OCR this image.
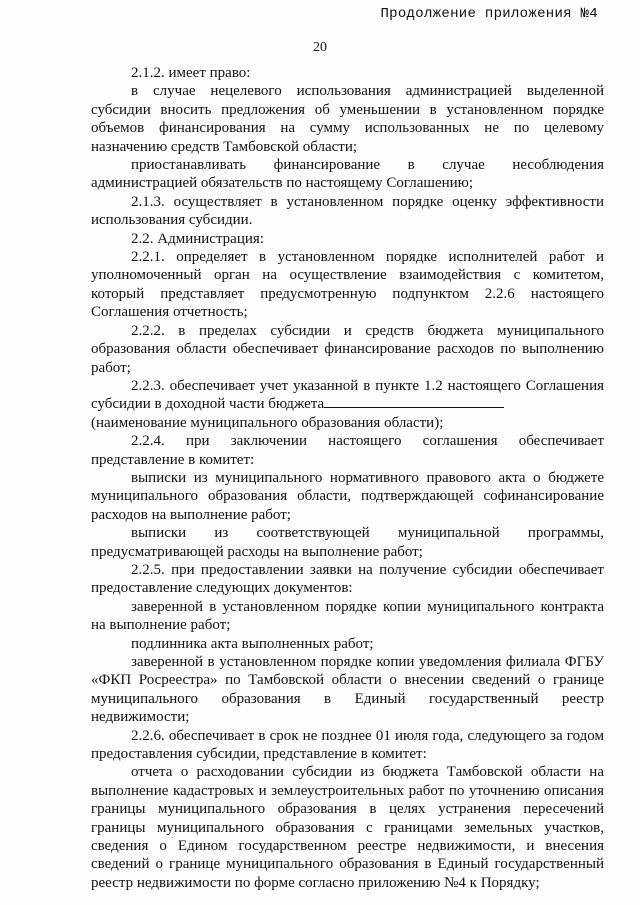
Продолжение приложения №4
20

2.1.2. имеет право:

в случае нецелевого использования администрацией выделенной субсидии вносить предложения об уменьшении в установленном порядке объемов финансирования на сумму использованных не по целевому назначению средств Тамбовской области;

приостанавливать финансирование в случае несоблюдения администрацией обязательств по настоящему Соглашению;

2.1.3. осуществляет в установленном порядке оценку эффективности использования субсидии.

2.2. Администрация:

2.2.1. определяет в установленном порядке исполнителей работ и уполномоченный орган на осуществление взаимодействия с комитетом, который представляет предусмотренную подпунктом 2.2.6 настоящего Соглашения отчетность;

2.2.2. в пределах субсидии и средств бюджета муниципального образования области обеспечивает финансирование расходов по выполнению работ;

2.2.3. обеспечивает учет указанной в пункте 1.2 настоящего Соглашения субсидии в доходной части бюджета

(наименование муниципального образования области);

2.2.4. при заключении настоящего соглашения обеспечивает представление в комитет:

выписки из муниципального нормативного правового акта о бюджете муниципального образования области, подтверждающей софинансирование расходов на выполнение работ;

выписки из соответствующей муниципальной программы, предусматривающей расходы на выполнение работ;

2.2.5. при предоставлении заявки на получение субсидии обеспечивает предоставление следующих документов:

заверенной в установленном порядке копии муниципального контракта на выполнение работ;

подлинника акта выполненных работ;

заверенной в установленном порядке копии уведомления филиала ФГБУ «ФКП Росреестра» по Тамбовской области о внесении сведений о границе муниципального образования в Единый государственный реестр недвижимости;

2.2.6. обеспечивает в срок не позднее 01 июля года, следующего за годом предоставления субсидии, представление в комитет:

отчета о расходовании субсидии из бюджета Тамбовской области на выполнение кадастровых и землеустроительных работ по уточнению описания границы муниципального образования в целях устранения пересечений границы муниципального образования с границами земельных участков, сведения о Едином государственном реестре недвижимости, и внесения сведений о границе муниципального образования в Единый государственный реестр недвижимости по форме согласно приложению №4 к Порядку;
